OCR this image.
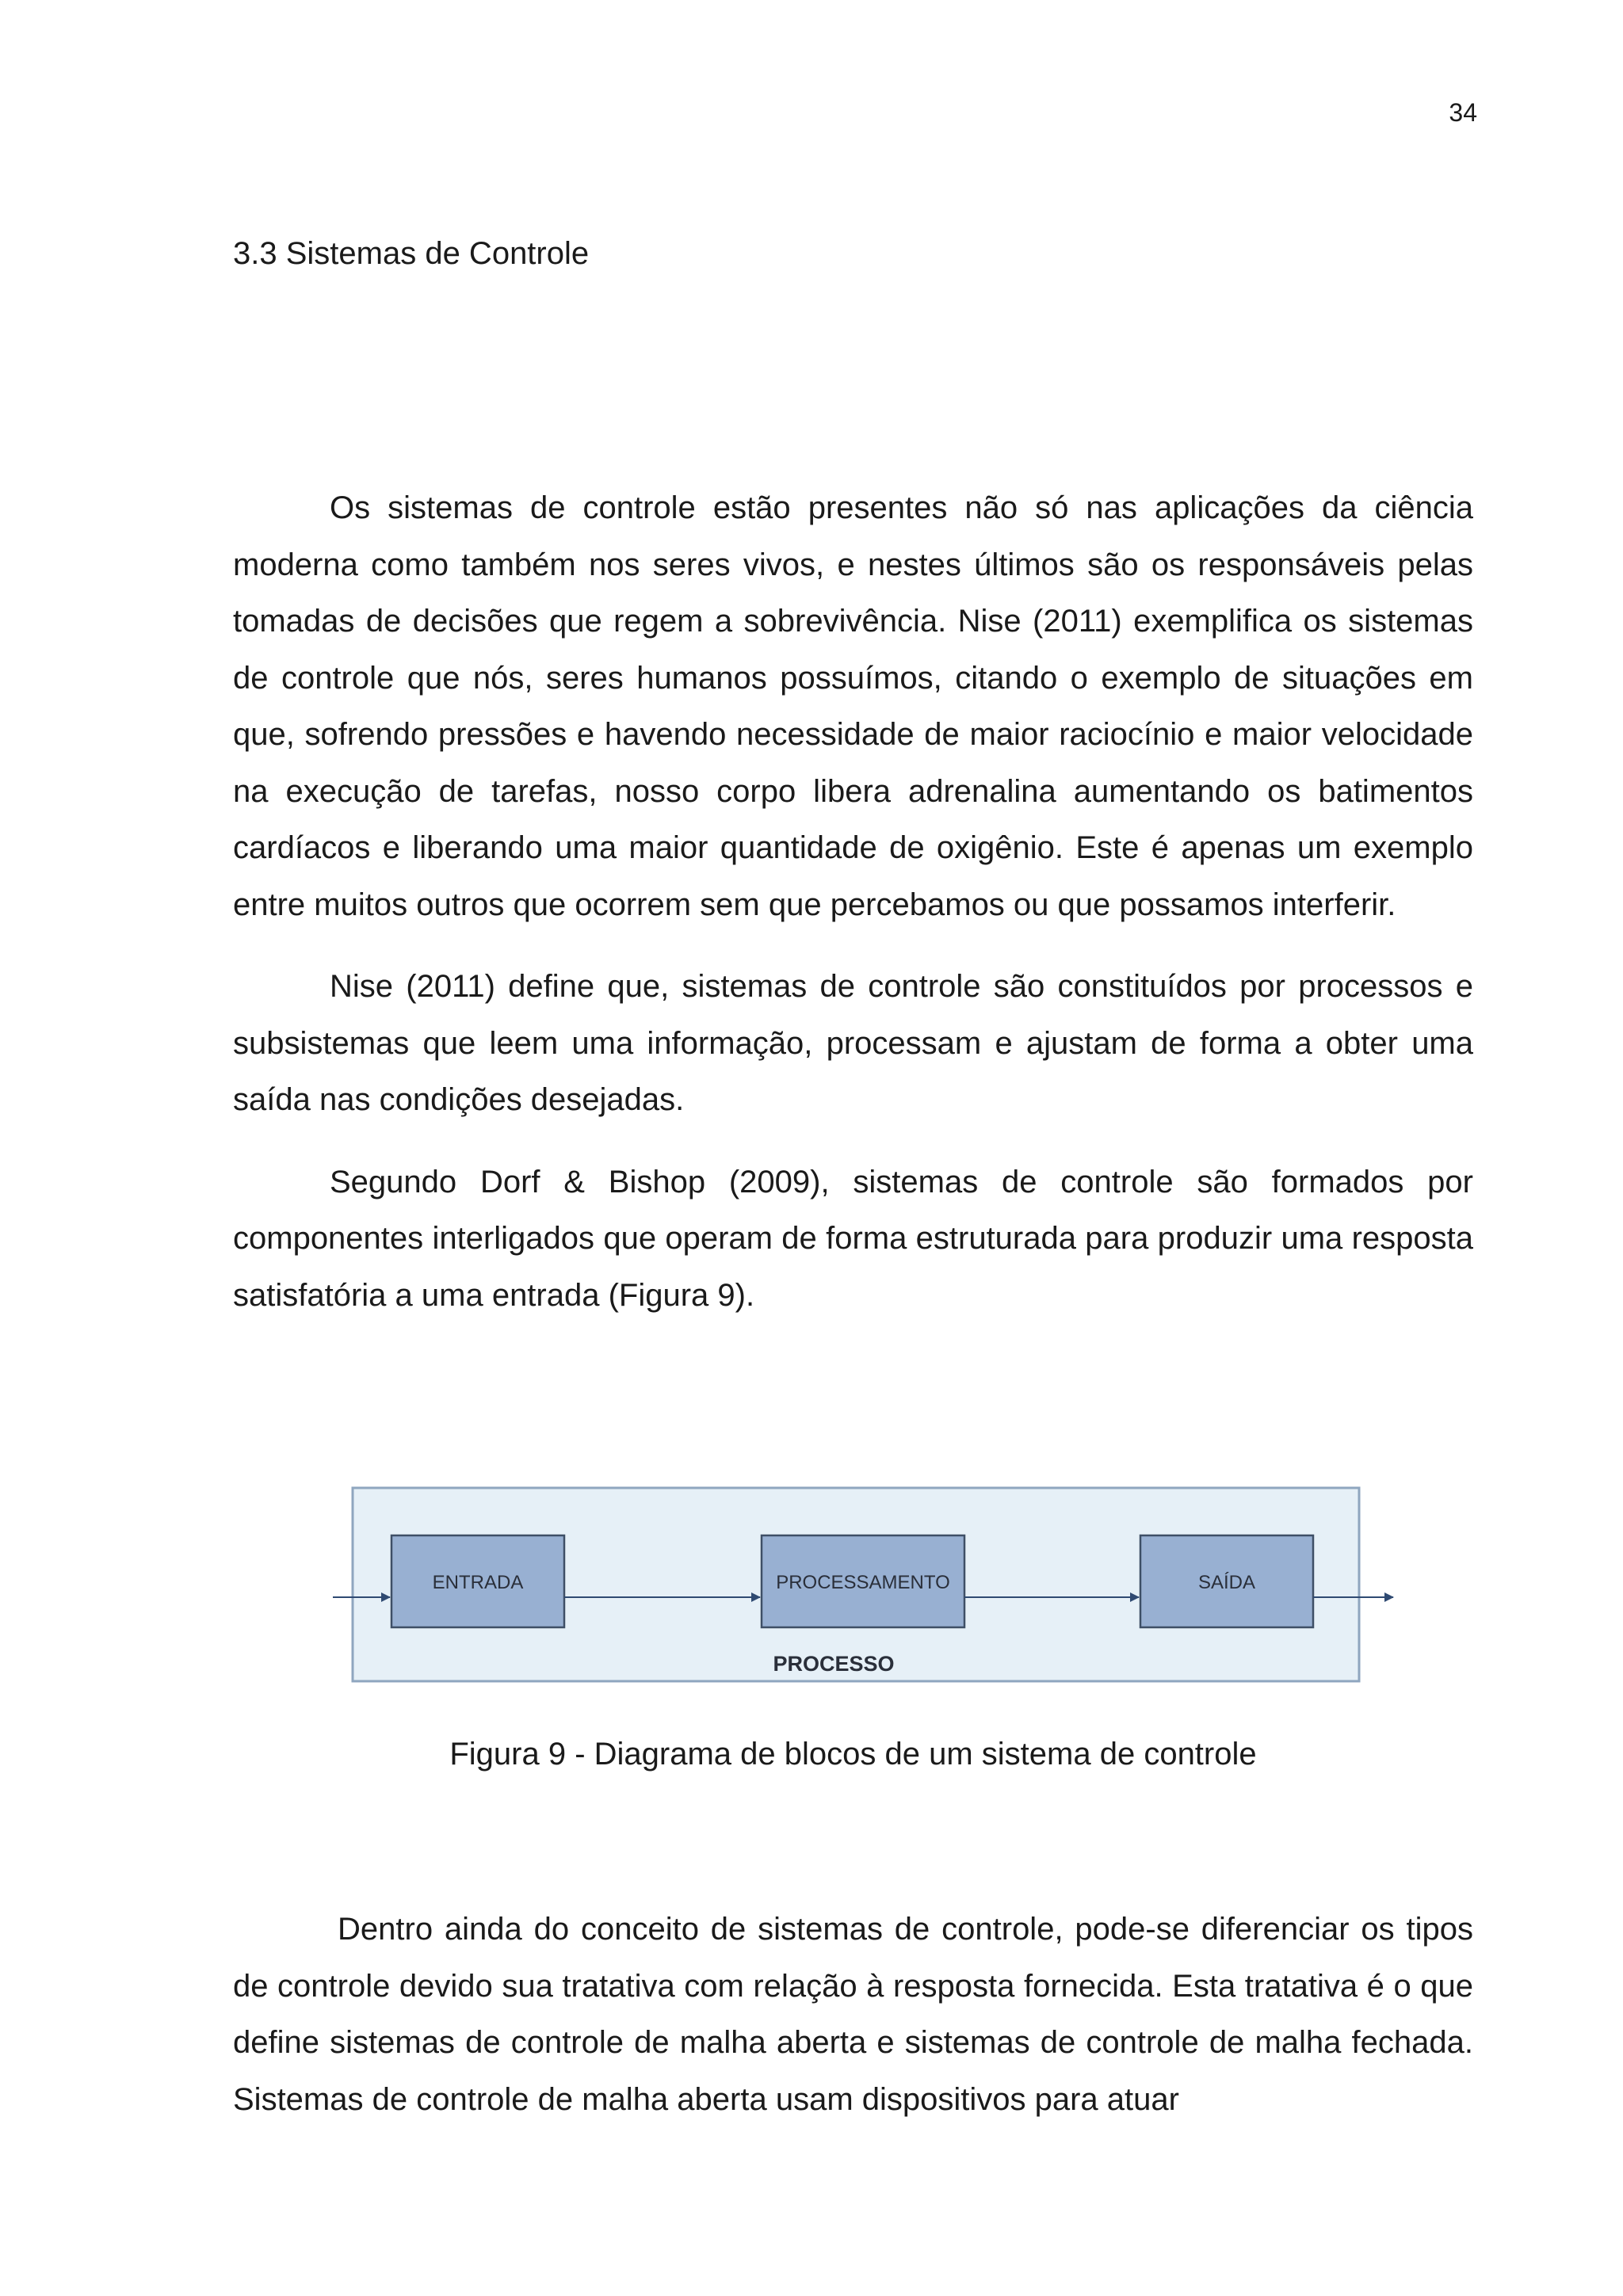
34
3.3 Sistemas de Controle

Os sistemas de controle estão presentes não só nas aplicações da ciência moderna como também nos seres vivos, e nestes últimos são os responsáveis pelas tomadas de decisões que regem a sobrevivência. Nise (2011) exemplifica os sistemas de controle que nós, seres humanos possuímos, citando o exemplo de situações em que, sofrendo pressões e havendo necessidade de maior raciocínio e maior velocidade na execução de tarefas, nosso corpo libera adrenalina aumentando os batimentos cardíacos e liberando uma maior quantidade de oxigênio. Este é apenas um exemplo entre muitos outros que ocorrem sem que percebamos ou que possamos interferir.

Nise (2011) define que, sistemas de controle são constituídos por processos e subsistemas que leem uma informação, processam e ajustam de forma a obter uma saída nas condições desejadas.

Segundo Dorf & Bishop (2009), sistemas de controle são formados por componentes interligados que operam de forma estruturada para produzir uma resposta satisfatória a uma entrada (Figura 9).

ENTRADA	PROCESSAMENTO	SAÍDA
PROCESSO

Figura 9 - Diagrama de blocos de um sistema de controle

Dentro ainda do conceito de sistemas de controle, pode-se diferenciar os tipos de controle devido sua tratativa com relação à resposta fornecida. Esta tratativa é o que define sistemas de controle de malha aberta e sistemas de controle de malha fechada. Sistemas de controle de malha aberta usam dispositivos para atuar
